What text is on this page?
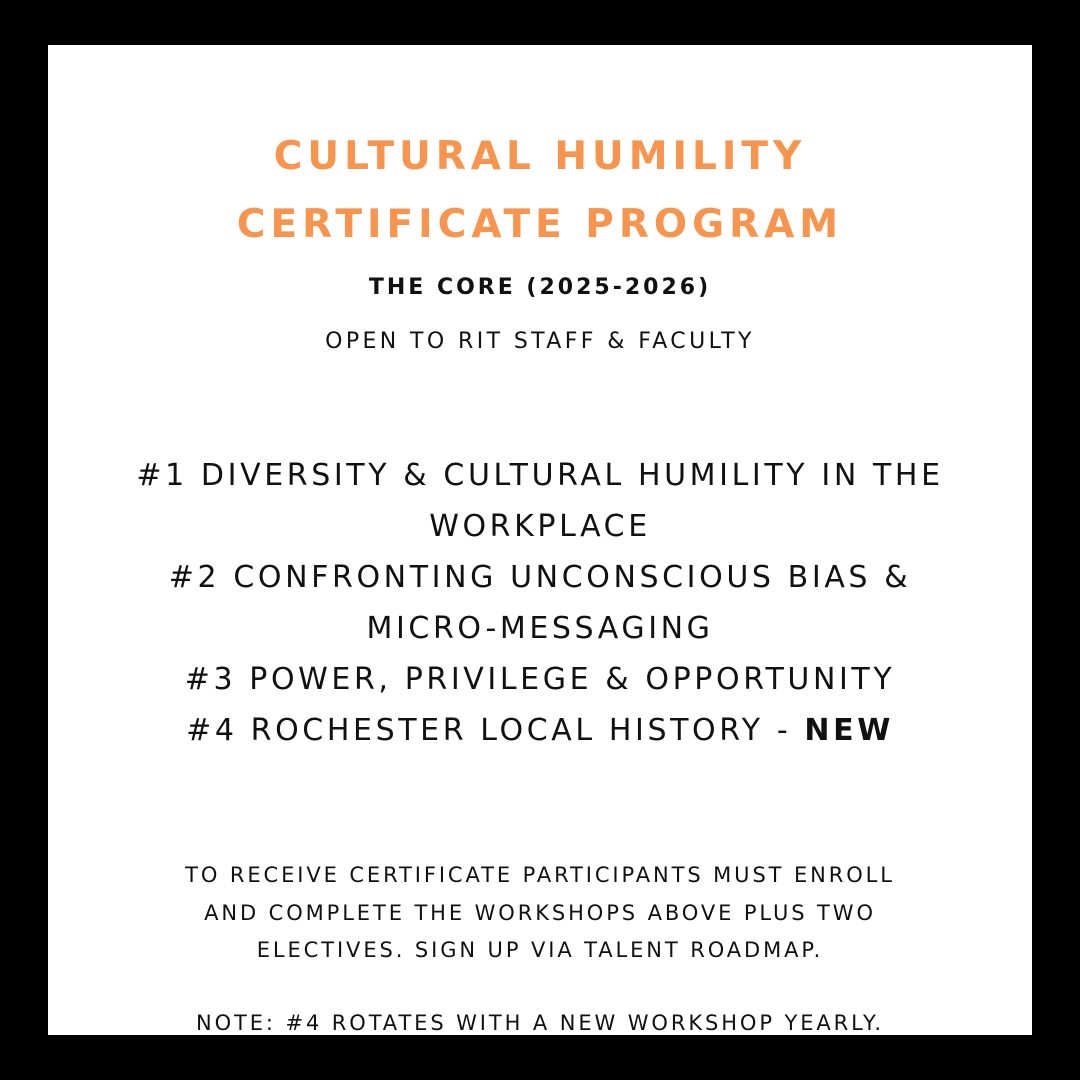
CULTURAL HUMILITY
CERTIFICATE PROGRAM
THE CORE (2025-2026)
OPEN TO RIT STAFF & FACULTY
#1 DIVERSITY & CULTURAL HUMILITY IN THE
WORKPLACE
#2 CONFRONTING UNCONSCIOUS BIAS &
MICRO-MESSAGING
#3 POWER, PRIVILEGE & OPPORTUNITY
#4 ROCHESTER LOCAL HISTORY - NEW
TO RECEIVE CERTIFICATE PARTICIPANTS MUST ENROLL
AND COMPLETE THE WORKSHOPS ABOVE PLUS TWO
ELECTIVES. SIGN UP VIA TALENT ROADMAP.
NOTE: #4 ROTATES WITH A NEW WORKSHOP YEARLY.
